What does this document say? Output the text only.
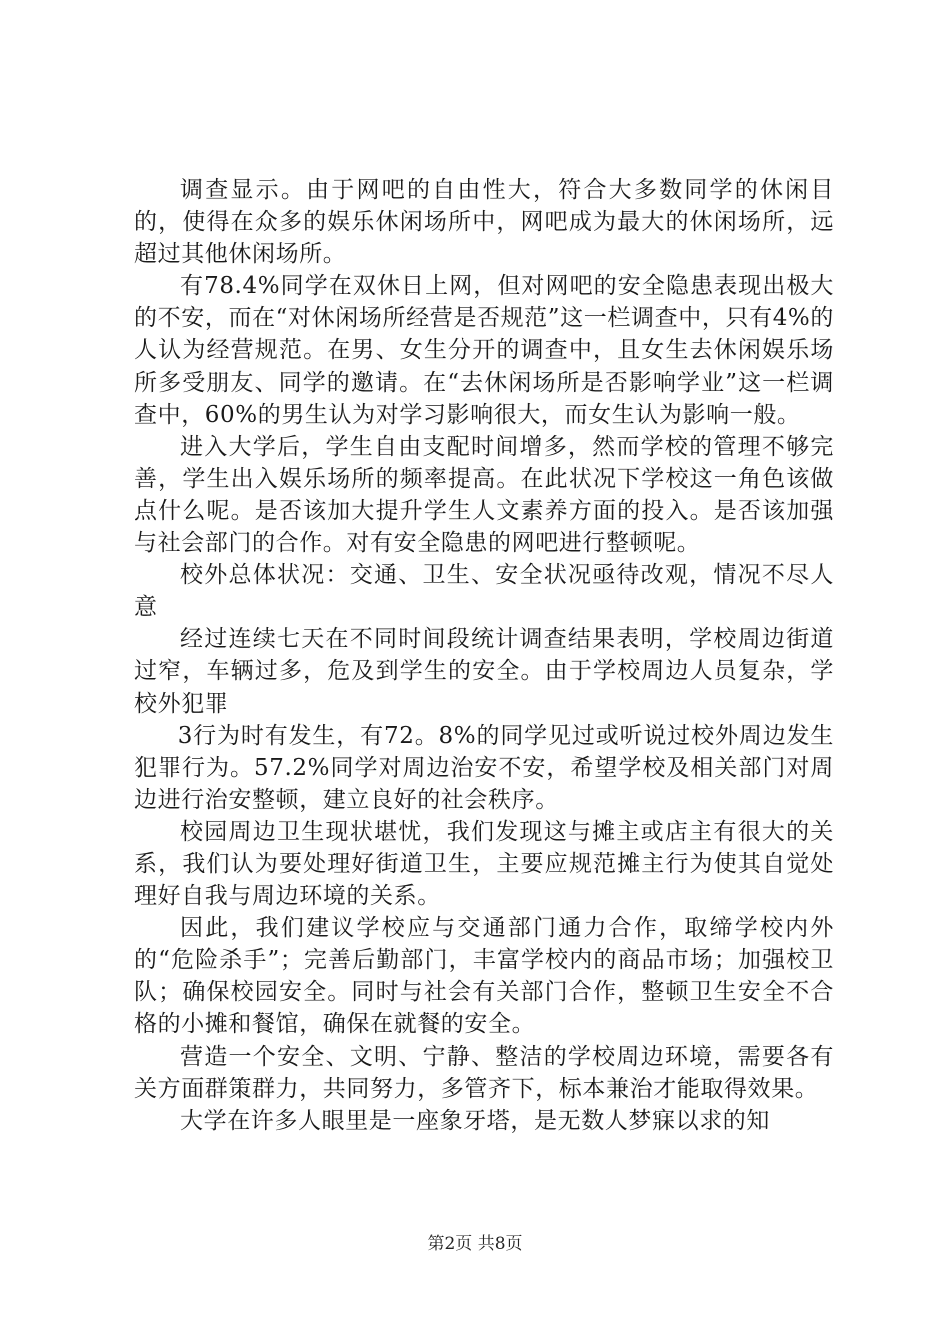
调查显示。由于网吧的自由性大，符合大多数同学的休闲目的，使得在众多的娱乐休闲场所中，网吧成为最大的休闲场所，远超过其他休闲场所。

有78.4%同学在双休日上网，但对网吧的安全隐患表现出极大的不安，而在“对休闲场所经营是否规范”这一栏调查中，只有4%的人认为经营规范。在男、女生分开的调查中，且女生去休闲娱乐场所多受朋友、同学的邀请。在“去休闲场所是否影响学业”这一栏调查中，60%的男生认为对学习影响很大，而女生认为影响一般。

进入大学后，学生自由支配时间增多，然而学校的管理不够完善，学生出入娱乐场所的频率提高。在此状况下学校这一角色该做点什么呢。是否该加大提升学生人文素养方面的投入。是否该加强与社会部门的合作。对有安全隐患的网吧进行整顿呢。

校外总体状况：交通、卫生、安全状况亟待改观，情况不尽人意

经过连续七天在不同时间段统计调查结果表明，学校周边街道过窄，车辆过多，危及到学生的安全。由于学校周边人员复杂，学校外犯罪

3行为时有发生，有72。8%的同学见过或听说过校外周边发生犯罪行为。57.2%同学对周边治安不安，希望学校及相关部门对周边进行治安整顿，建立良好的社会秩序。

校园周边卫生现状堪忧，我们发现这与摊主或店主有很大的关系，我们认为要处理好街道卫生，主要应规范摊主行为使其自觉处理好自我与周边环境的关系。

因此，我们建议学校应与交通部门通力合作，取缔学校内外的“危险杀手”；完善后勤部门，丰富学校内的商品市场；加强校卫队；确保校园安全。同时与社会有关部门合作，整顿卫生安全不合格的小摊和餐馆，确保在就餐的安全。

营造一个安全、文明、宁静、整洁的学校周边环境，需要各有关方面群策群力，共同努力，多管齐下，标本兼治才能取得效果。

大学在许多人眼里是一座象牙塔，是无数人梦寐以求的知

第2页 共8页
